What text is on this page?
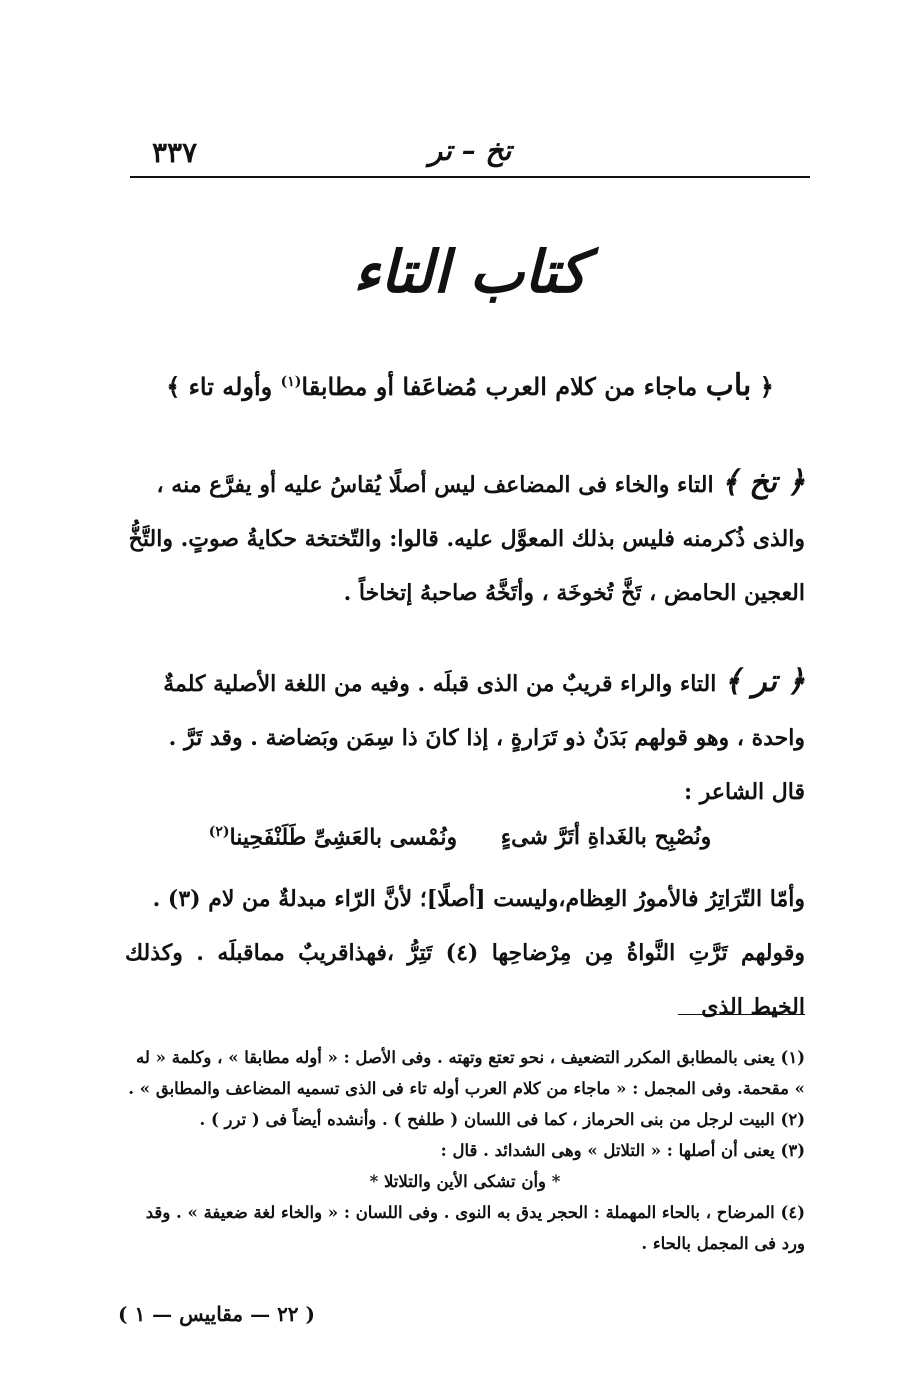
تخ – تر
٣٣٧
كتاب التاء
﴿ باب ماجاء من كلام العرب مُضاعَفا أو مطابقا$^{(١)}$ وأوله تاء ﴾
﴿ تخ ﴾ التاء والخاء فى المضاعف ليس أصلًا يُقاسُ عليه أو يفرَّع منه ،
والذى ذُكرمنه فليس بذلك المعوَّل عليه. قالوا: والتّختخة حكايةُ صوتٍ. والتَّخُّ
العجين الحامض ، تَخَّ تُخوخَة ، وأتَخَّهُ صاحبهُ إتخاخاً .
﴿ تر ﴾ التاء والراء قريبٌ من الذى قبلَه . وفيه من اللغة الأصلية كلمةٌ
واحدة ، وهو قولهم بَدَنٌ ذو تَرَارةٍ ، إذا كانَ ذا سِمَن وبَضاضة . وقد تَرَّ .
قال الشاعر :
ونُصْبِح بالغَداةِ أتَرَّ شىءٍ ونُمْسى بالعَشِىِّ طَلَنْفَحِينا$^{(٢)}$
وأمّا التّرَاتِرُ فالأمورُ العِظام،وليست [أصلًا]؛ لأنَّ الرّاء مبدلةٌ من لام (٣) .
وقولهم تَرَّتِ النَّواةُ مِن مِرْضاحِها (٤) تَتِرُّ ،فهذاقريبٌ مماقبلَه . وكذلك الخيط الذى

(١) يعنى بالمطابق المكرر التضعيف ، نحو تعتع وتهته . وفى الأصل : « أوله مطابقا » ، وكلمة « له » مقحمة. وفى المجمل : « ماجاء من كلام العرب أوله تاء فى الذى تسميه المضاعف والمطابق » .

(٢) البيت لرجل من بنى الحرماز ، كما فى اللسان ( طلفح ) . وأنشده أيضاً فى ( ترر ) .

(٣) يعنى أن أصلها : « التلاتل » وهى الشدائد . قال :

* وأن تشكى الأين والتلاتلا *

(٤) المرضاح ، بالحاء المهملة : الحجر يدق به النوى . وفى اللسان : « والخاء لغة ضعيفة » . وقد ورد فى المجمل بالحاء .

( ٢٢ — مقاييس — ١ )
